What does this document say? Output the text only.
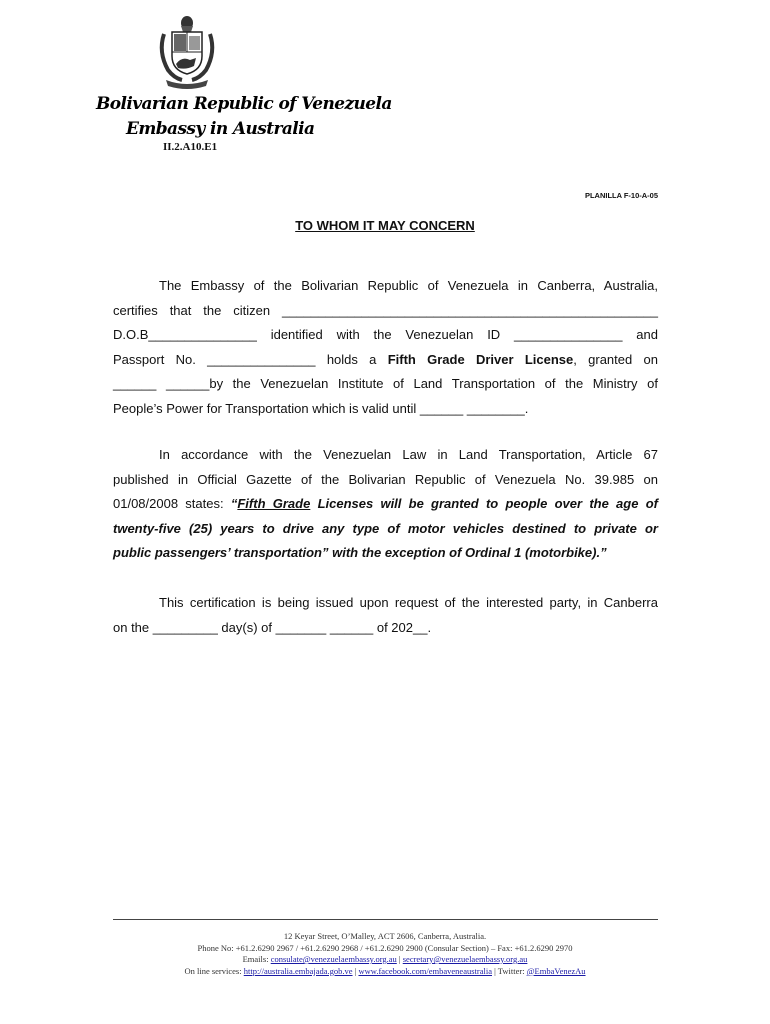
Bolivarian Republic of Venezuela
Embassy in Australia
II.2.A10.E1
PLANILLA F-10-A-05
TO WHOM IT MAY CONCERN
The Embassy of the Bolivarian Republic of Venezuela in Canberra, Australia,
certifies that the citizen ____________________________________________________
D.O.B_______________ identified with the Venezuelan ID _______________ and
Passport No. _______________ holds a Fifth Grade Driver License, granted on
______ ______by the Venezuelan Institute of Land Transportation of the Ministry of
People’s Power for Transportation which is valid until ______ ________.
In accordance with the Venezuelan Law in Land Transportation, Article 67
published in Official Gazette of the Bolivarian Republic of Venezuela No. 39.985 on
01/08/2008 states: “Fifth Grade Licenses will be granted to people over the age of
twenty-five (25) years to drive any type of motor vehicles destined to private or
public passengers’ transportation” with the exception of Ordinal 1 (motorbike).”
This certification is being issued upon request of the interested party, in Canberra
on the _________ day(s) of _______ ______ of 202__.
12 Keyar Street, O’Malley, ACT 2606, Canberra, Australia.
Phone No: +61.2.6290 2967 / +61.2.6290 2968 / +61.2.6290 2900 (Consular Section) – Fax: +61.2.6290 2970
Emails: consulate@venezuelaembassy.org.au | secretary@venezuelaembassy.org.au
On line services: http://australia.embajada.gob.ve | www.facebook.com/embaveneaustralia | Twitter: @EmbaVenezAu
